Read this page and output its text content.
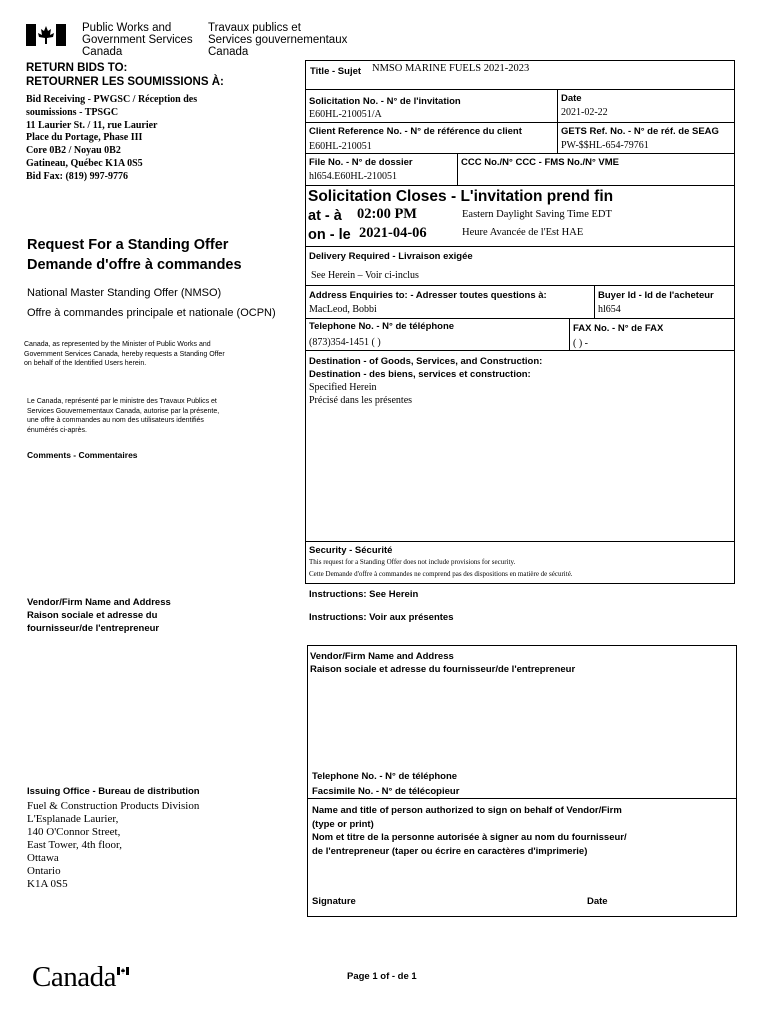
Public Works and
Government Services
Canada
Travaux publics et
Services gouvernementaux
Canada
RETURN BIDS TO:
RETOURNER LES SOUMISSIONS À:
Bid Receiving - PWGSC / Réception des
soumissions - TPSGC
11 Laurier St. / 11, rue Laurier
Place du Portage, Phase III
Core 0B2 / Noyau 0B2
Gatineau, Québec K1A 0S5
Bid Fax: (819) 997-9776
Request For a Standing Offer
Demande d'offre à commandes
National Master Standing Offer (NMSO)
Offre à commandes principale et nationale (OCPN)
Canada, as represented by the Minister of Public Works and
Government Services Canada, hereby requests a Standing Offer
on behalf of the Identified Users herein.
Le Canada, représenté par le ministre des Travaux Publics et
Services Gouvernementaux Canada, autorise par la présente,
une offre à commandes au nom des utilisateurs identifiés
énumérés ci-après.
Comments - Commentaires
Vendor/Firm Name and Address
Raison sociale et adresse du
fournisseur/de l'entrepreneur
Issuing Office - Bureau de distribution
Fuel & Construction Products Division
L'Esplanade Laurier,
140 O'Connor Street,
East Tower, 4th floor,
Ottawa
Ontario
K1A 0S5
Title - Sujet NMSO MARINE FUELS 2021-2023
Solicitation No. - N° de l'invitation
E60HL-210051/A
Date
2021-02-22
Client Reference No. - N° de référence du client
E60HL-210051
GETS Ref. No. - N° de réf. de SEAG
PW-$$HL-654-79761
File No. - N° de dossier
hl654.E60HL-210051
CCC No./N° CCC - FMS No./N° VME
Solicitation Closes - L'invitation prend fin
at - à 02:00 PM	Eastern Daylight Saving Time EDT
on - le 2021-04-06	Heure Avancée de l'Est HAE
Delivery Required - Livraison exigée
See Herein – Voir ci-inclus
Address Enquiries to: - Adresser toutes questions à:
MacLeod, Bobbi
Buyer Id - Id de l'acheteur
hl654
Telephone No. - N° de téléphone
(873)354-1451 ( )
FAX No. - N° de FAX
( ) -
Destination - of Goods, Services, and Construction:
Destination - des biens, services et construction:
Specified Herein
Précisé dans les présentes
Security - Sécurité
This request for a Standing Offer does not include provisions for security.
Cette Demande d'offre à commandes ne comprend pas des dispositions en matière de sécurité.
Instructions: See Herein
Instructions: Voir aux présentes
Vendor/Firm Name and Address
Raison sociale et adresse du fournisseur/de l'entrepreneur
Telephone No. - N° de téléphone
Facsimile No. - N° de télécopieur
Name and title of person authorized to sign on behalf of Vendor/Firm
(type or print)
Nom et titre de la personne autorisée à signer au nom du fournisseur/
de l'entrepreneur (taper ou écrire en caractères d'imprimerie)
Signature	Date
Canada	Page 1 of - de 1
